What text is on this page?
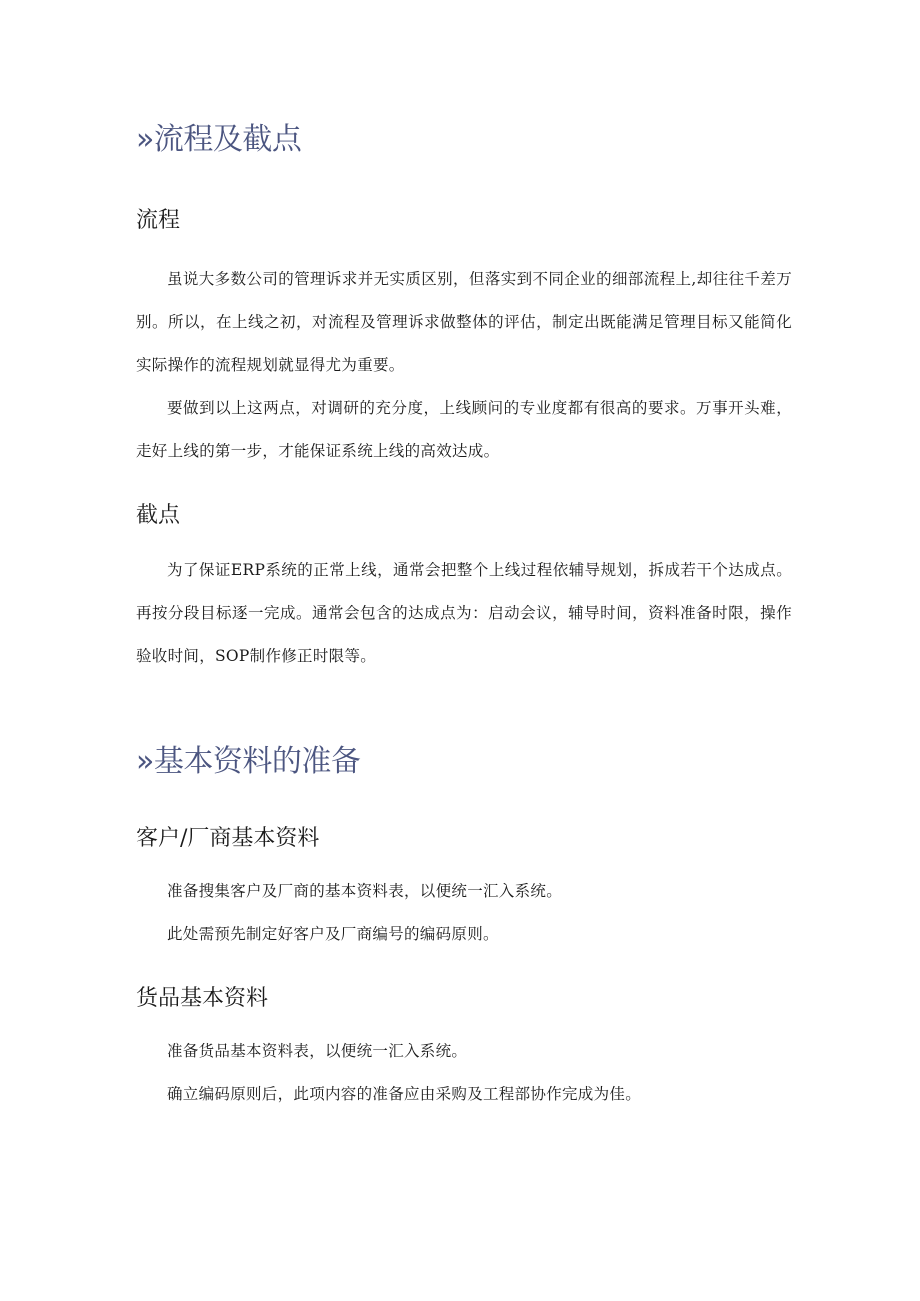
»流程及截点
流程

虽说大多数公司的管理诉求并无实质区别，但落实到不同企业的细部流程上,却往往千差万别。所以，在上线之初，对流程及管理诉求做整体的评估，制定出既能满足管理目标又能简化实际操作的流程规划就显得尤为重要。

要做到以上这两点，对调研的充分度，上线顾问的专业度都有很高的要求。万事开头难，走好上线的第一步，才能保证系统上线的高效达成。

截点

为了保证ERP系统的正常上线，通常会把整个上线过程依辅导规划，拆成若干个达成点。再按分段目标逐一完成。通常会包含的达成点为：启动会议，辅导时间，资料准备时限，操作验收时间，SOP制作修正时限等。

»基本资料的准备
客户/厂商基本资料

准备搜集客户及厂商的基本资料表，以便统一汇入系统。

此处需预先制定好客户及厂商编号的编码原则。

货品基本资料

准备货品基本资料表，以便统一汇入系统。

确立编码原则后，此项内容的准备应由采购及工程部协作完成为佳。
